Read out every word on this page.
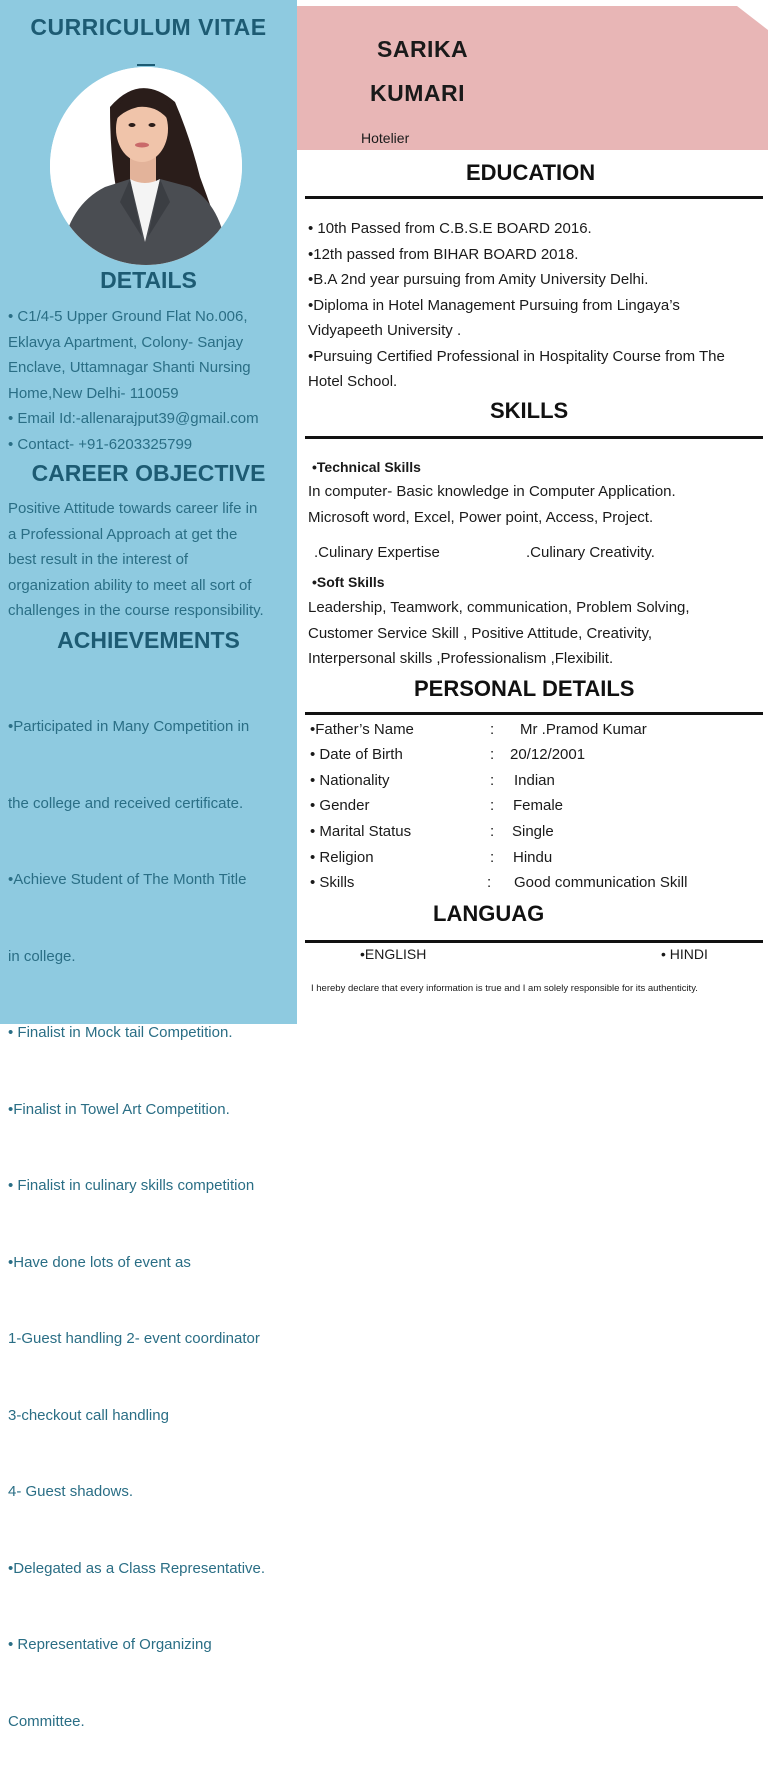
CURRICULUM VITAE
DETAILS
• C1/4-5 Upper Ground Flat No.006,
Eklavya Apartment, Colony- Sanjay
Enclave, Uttamnagar Shanti Nursing
Home,New Delhi- 110059
• Email Id:-allenarajput39@gmail.com
• Contact- +91-6203325799
CAREER OBJECTIVE
Positive Attitude towards career life in
a Professional Approach at get the
best result in the interest of
organization ability to meet all sort of
challenges in the course responsibility.
ACHIEVEMENTS

•Participated in Many Competition in

the college and received certificate.

•Achieve Student of The Month Title

in college.

• Finalist in Mock tail Competition.

•Finalist in Towel Art Competition.

• Finalist in culinary skills competition

•Have done lots of event as

1-Guest handling 2- event coordinator

3-checkout call handling

4- Guest shadows.

•Delegated as a Class Representative.

• Representative of Organizing

Committee.

SARIKA
KUMARI
Hotelier
EDUCATION
• 10th Passed from C.B.S.E BOARD 2016.
•12th passed from BIHAR BOARD 2018.
•B.A 2nd year pursuing from Amity University Delhi.
•Diploma in Hotel Management Pursuing from Lingaya’s
Vidyapeeth University .
•Pursuing Certified Professional in Hospitality Course from The
Hotel School.
SKILLS
•Technical Skills
In computer- Basic knowledge in Computer Application.
Microsoft word, Excel, Power point, Access, Project.
.Culinary Expertise	.Culinary Creativity.
•Soft Skills
Leadership, Teamwork, communication, Problem Solving,
Customer Service Skill , Positive Attitude, Creativity,
Interpersonal skills ,Professionalism ,Flexibilit.
PERSONAL DETAILS
•Father’s Name	: Mr .Pramod Kumar
• Date of Birth	: 20/12/2001
• Nationality	: Indian
• Gender	: Female
• Marital Status	: Single
• Religion	: Hindu
• Skills	: Good communication Skill
LANGUAG
•ENGLISH	• HINDI
I hereby declare that every information is true and I am solely responsible for its authenticity.
